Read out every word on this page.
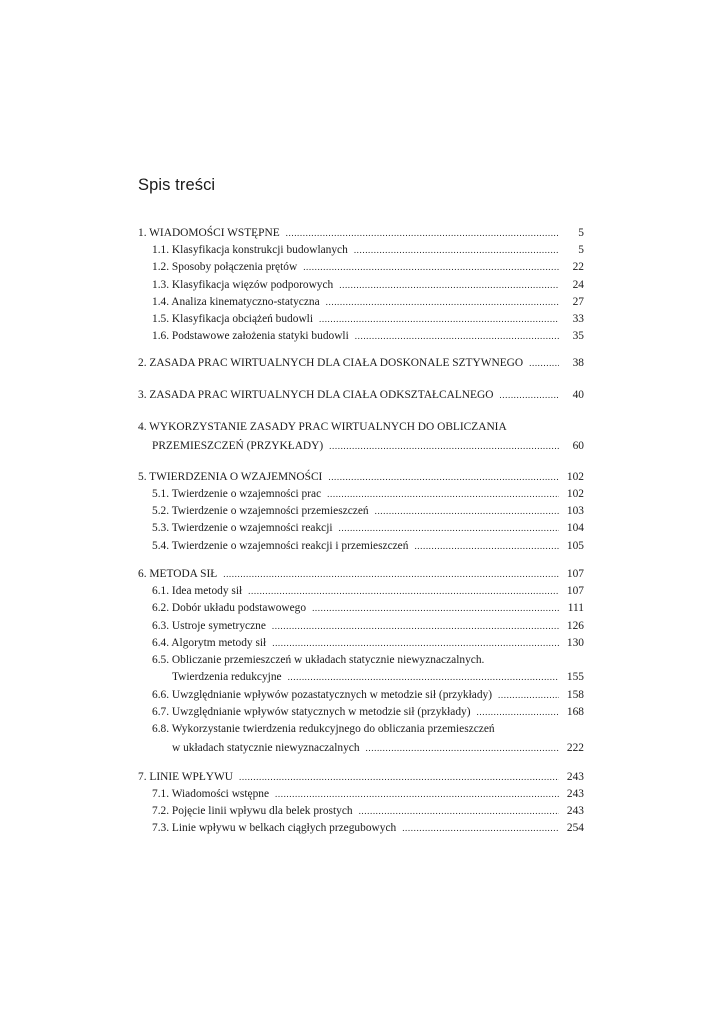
Spis treści
1. WIADOMOŚCI WSTĘPNE .....	5
1.1. Klasyfikacja konstrukcji budowlanych .....	5
1.2. Sposoby połączenia prętów .....	22
1.3. Klasyfikacja więzów podporowych .....	24
1.4. Analiza kinematyczno-statyczna .....	27
1.5. Klasyfikacja obciążeń budowli .....	33
1.6. Podstawowe założenia statyki budowli .....	35
2. ZASADA PRAC WIRTUALNYCH DLA CIAŁA DOSKONALE SZTYWNEGO .....	38
3. ZASADA PRAC WIRTUALNYCH DLA CIAŁA ODKSZTAŁCALNEGO .....	40
4. WYKORZYSTANIE ZASADY PRAC WIRTUALNYCH DO OBLICZANIA
PRZEMIESZCZEŃ (PRZYKŁADY) .....	60
5. TWIERDZENIA O WZAJEMNOŚCI .....	102
5.1. Twierdzenie o wzajemności prac .....	102
5.2. Twierdzenie o wzajemności przemieszczeń .....	103
5.3. Twierdzenie o wzajemności reakcji .....	104
5.4. Twierdzenie o wzajemności reakcji i przemieszczeń .....	105
6. METODA SIŁ .....	107
6.1. Idea metody sił .....	107
6.2. Dobór układu podstawowego .....	111
6.3. Ustroje symetryczne .....	126
6.4. Algorytm metody sił .....	130
6.5. Obliczanie przemieszczeń w układach statycznie niewyznaczalnych.
Twierdzenia redukcyjne .....	155
6.6. Uwzględnianie wpływów pozastatycznych w metodzie sił (przykłady) .....	158
6.7. Uwzględnianie wpływów statycznych w metodzie sił (przykłady) .....	168
6.8. Wykorzystanie twierdzenia redukcyjnego do obliczania przemieszczeń
w układach statycznie niewyznaczalnych .....	222
7. LINIE WPŁYWU .....	243
7.1. Wiadomości wstępne .....	243
7.2. Pojęcie linii wpływu dla belek prostych .....	243
7.3. Linie wpływu w belkach ciągłych przegubowych .....	254
